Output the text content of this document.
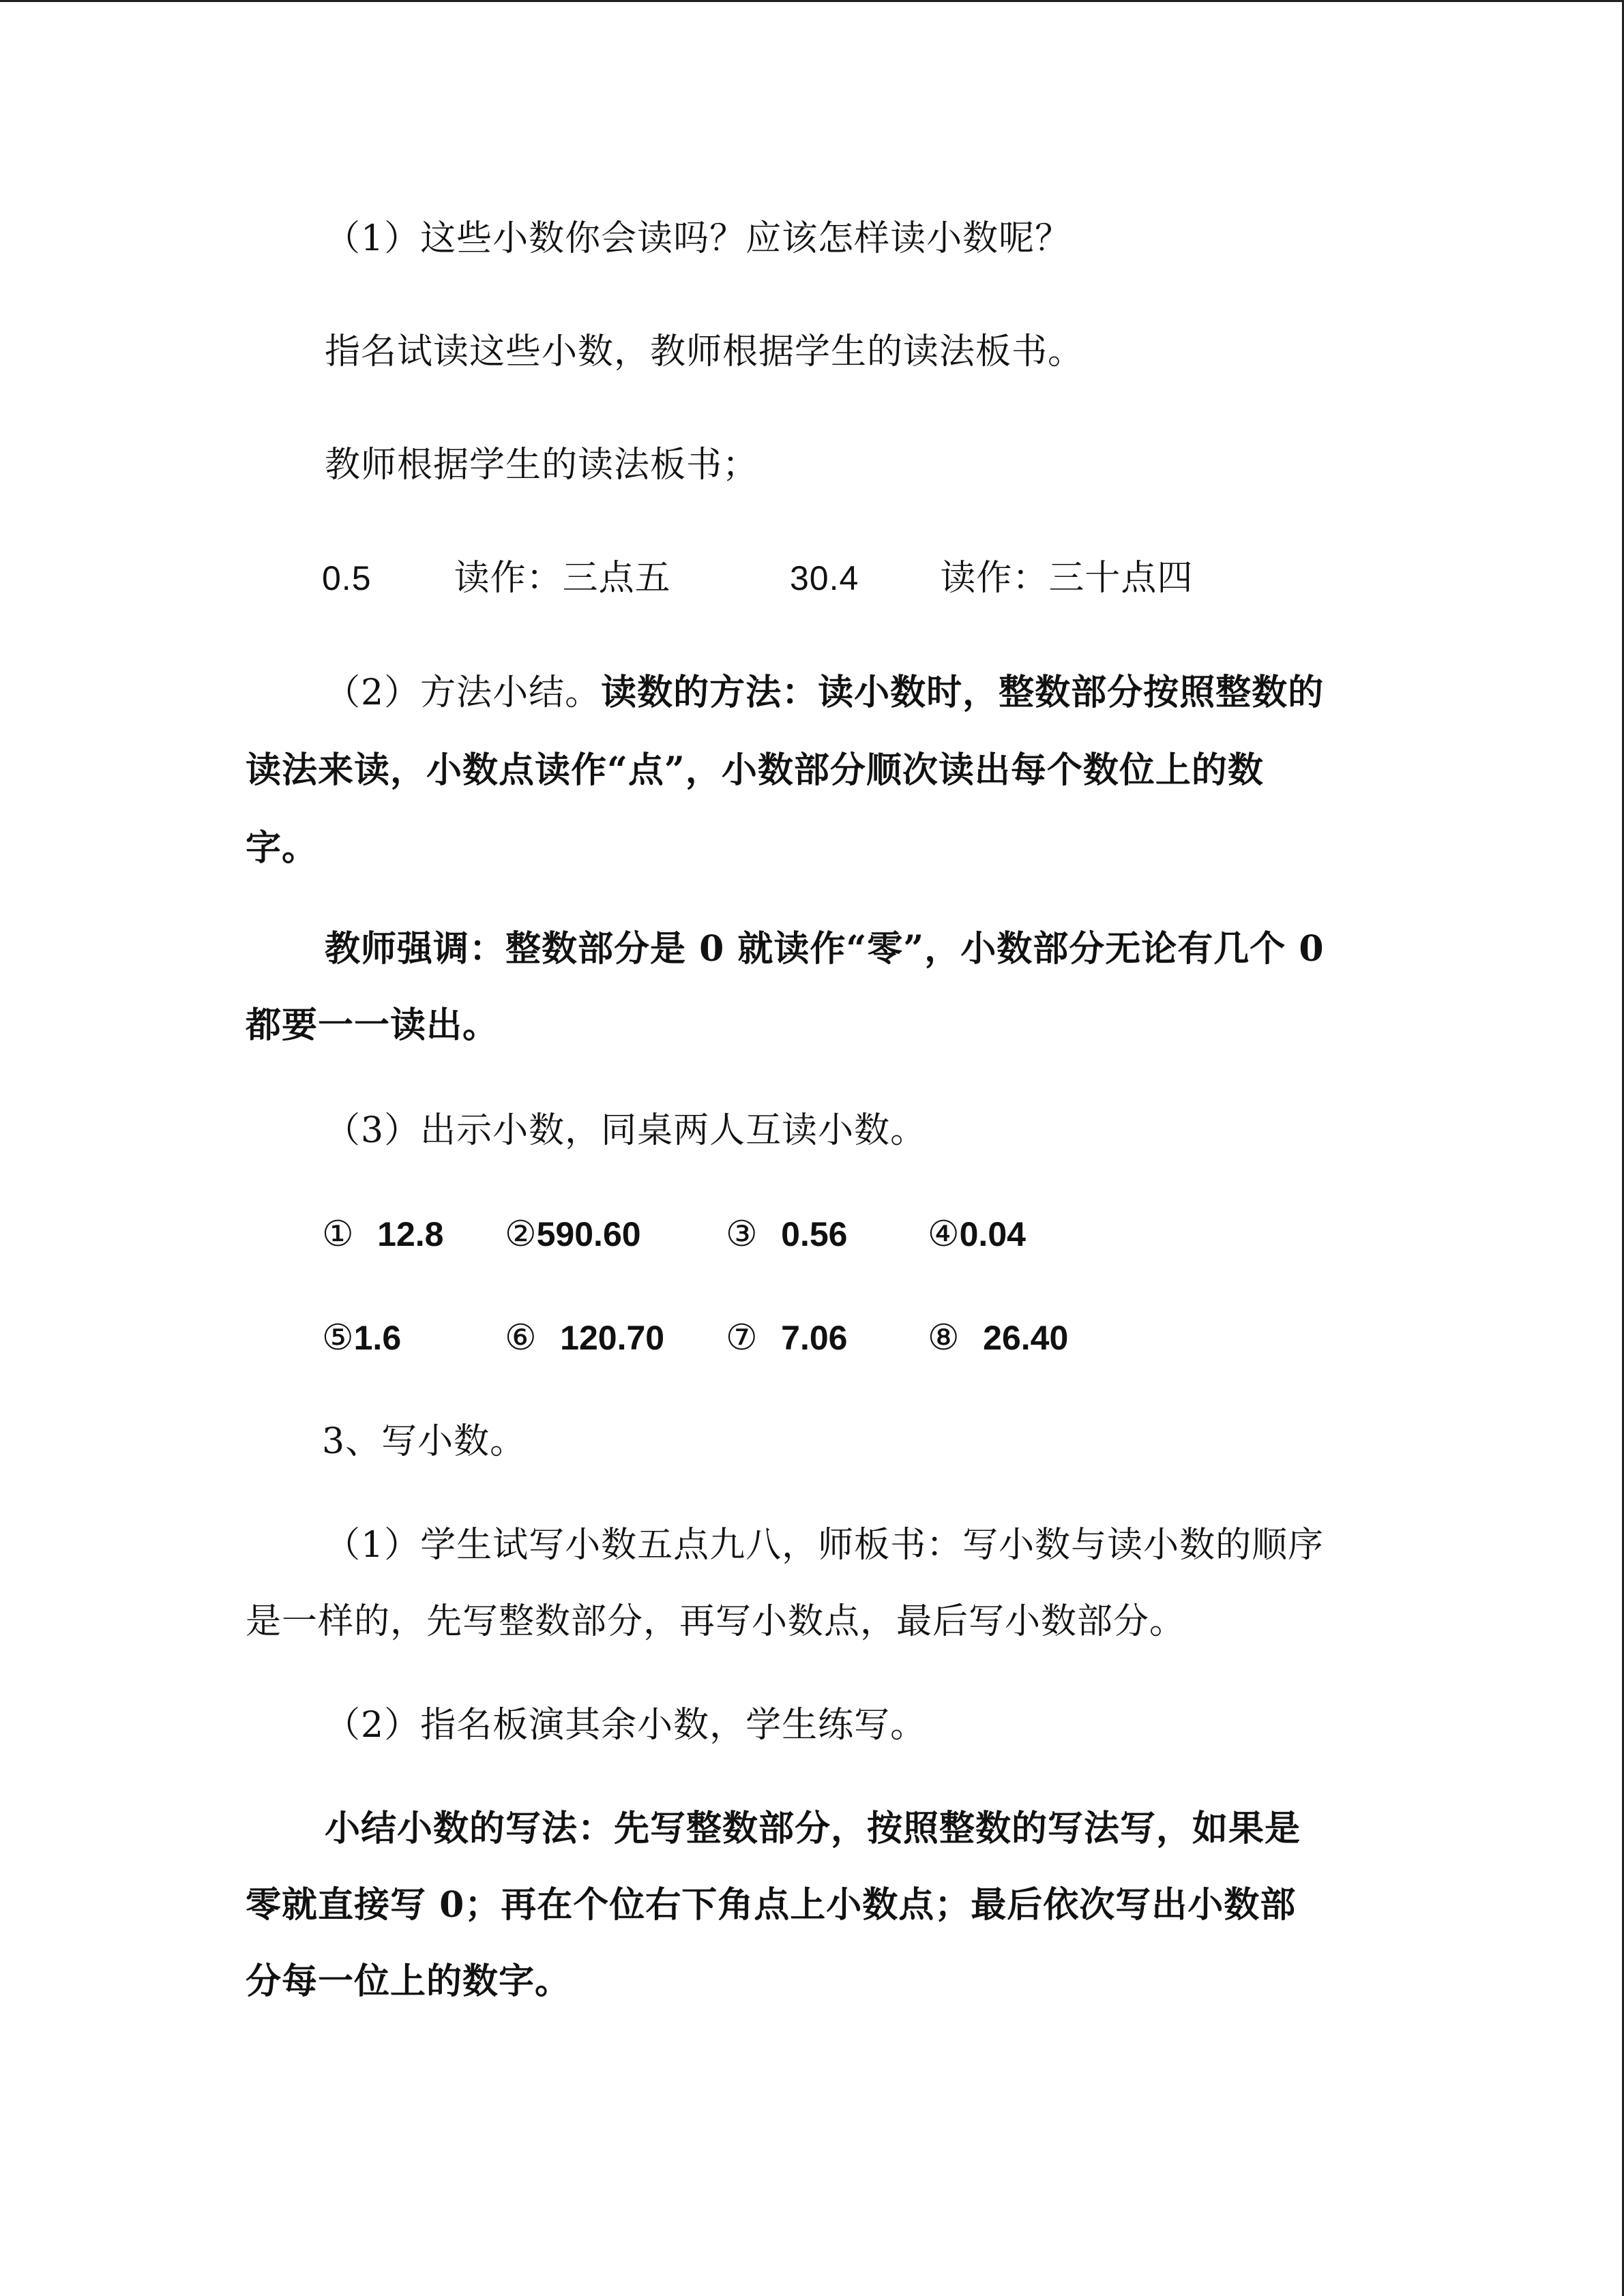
（1）这些小数你会读吗？应该怎样读小数呢？
指名试读这些小数，教师根据学生的读法板书。
教师根据学生的读法板书；
0.5 读作：三点五	30.4 读作：三十点四
（2）方法小结。读数的方法：读小数时，整数部分按照整数的
读法来读，小数点读作“点”，小数部分顺次读出每个数位上的数
字。
教师强调：整数部分是 0 就读作“零”，小数部分无论有几个 0
都要一一读出。
（3）出示小数，同桌两人互读小数。
① 12.8 ②590.60 ③ 0.56 ④0.04
⑤1.6	⑥ 120.70 ⑦ 7.06 ⑧ 26.40
3、写小数。
（1）学生试写小数五点九八，师板书：写小数与读小数的顺序
是一样的，先写整数部分，再写小数点，最后写小数部分。
（2）指名板演其余小数，学生练写。
小结小数的写法：先写整数部分，按照整数的写法写，如果是
零就直接写 0；再在个位右下角点上小数点；最后依次写出小数部
分每一位上的数字。
